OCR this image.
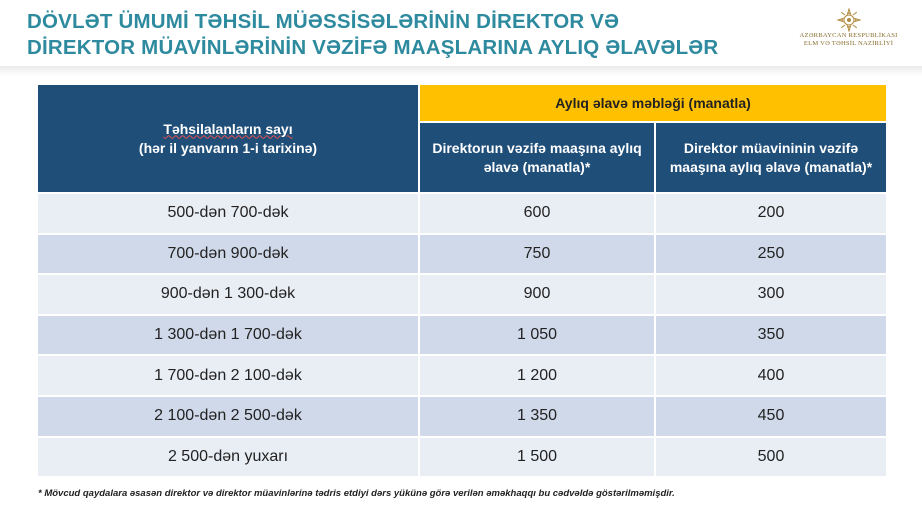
DÖVLƏT ÜMUMİ TƏHSİL MÜƏSSİSƏLƏRİNİN DİREKTOR VƏ
DİREKTOR MÜAVİNLƏRİNİN VƏZİFƏ MAAŞLARINA AYLIQ ƏLAVƏLƏR
AZƏRBAYCAN RESPUBLİKASI
ELM VƏ TƏHSİL NAZİRLİYİ
Təhsilalanların sayı
(hər il yanvarın 1-i tarixinə)
Aylıq əlavə məbləği (manatla)
Direktorun vəzifə maaşına aylıq əlavə (manatla)*
Direktor müavininin vəzifə maaşına aylıq əlavə (manatla)*
500-dən 700-dək	600	200
700-dən 900-dək	750	250
900-dən 1 300-dək	900	300
1 300-dən 1 700-dək	1 050	350
1 700-dən 2 100-dək	1 200	400
2 100-dən 2 500-dək	1 350	450
2 500-dən yuxarı	1 500	500
* Mövcud qaydalara əsasən direktor və direktor müavinlərinə tədris etdiyi dərs yükünə görə verilən əməkhaqqı bu cədvəldə göstərilməmişdir.
